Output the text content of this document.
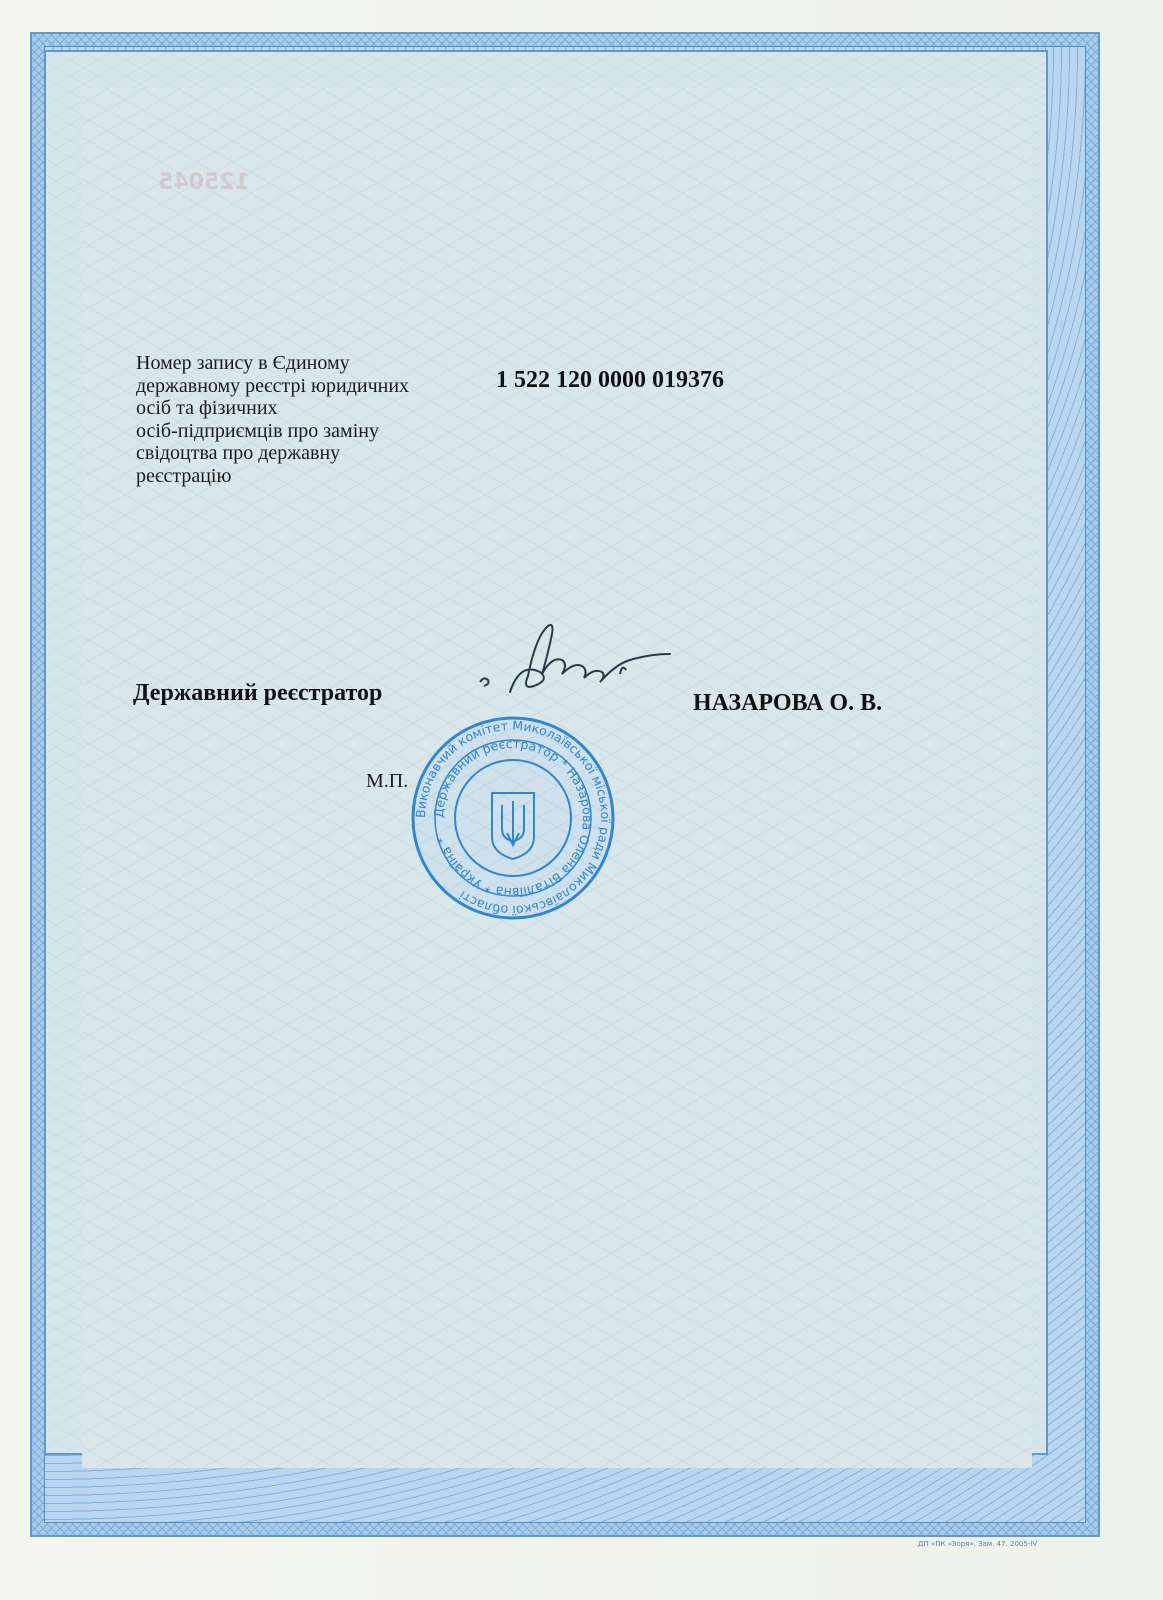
125045
Номер запису в Єдиному
державному реєстрі юридичних
осіб та фізичних
осіб-підприємців про заміну
свідоцтва про державну
реєстрацію
1 522 120 0000 019376
Державний реєстратор	НАЗАРОВА О. В.
М.П.
Виконавчий комітет Миколаївської міської ради Миколаївської області
Державний реєстратор * Назарова Олена Віталіївна * Україна *
ДП «ПК «Зоря». Зам. 47. 2005-IV
